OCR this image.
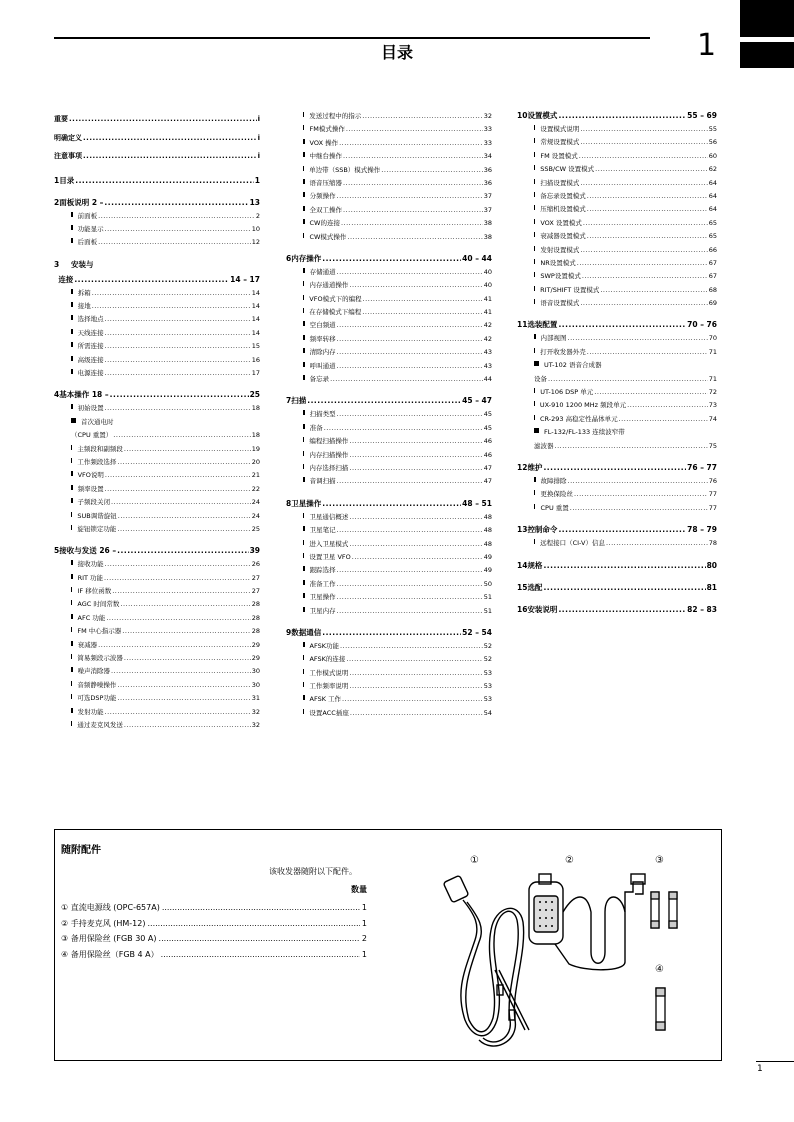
目录	1
重要 .....	i
明确定义 .....	i
注意事项 .....	i
1 目录 .....	1
2 面板说明 2 – .....	13
前面板 .....	2
功能显示 .....	10
后面板 .....	12
3	安装与
连接 .....	14 – 17
拆箱 .....	14
接地 .....	14
选择地点 .....	14
天线连接 .....	14
所需连接 .....	15
高级连接 .....	16
电源连接 .....	17
4 基本操作 18 – .....	25
初始设置 .....	18
首次通电时
（CPU 重置） .....	18
主频段和副频段 .....	19
工作频段选择 .....	20
VFO说明 .....	21
频率设置 .....	22
子频段关闭 .....	24
SUB调谐旋钮 .....	24
旋钮锁定功能 .....	25
5 接收与发送 26 – .....	39
接收功能 .....	26
RIT 功能 .....	27
IF 移位函数 .....	27
AGC 时间常数 .....	28
AFC 功能 .....	28
FM 中心指示器 .....	28
衰减器 .....	29
简易频段示波器 .....	29
噪声消除器 .....	30
音频静噪操作 .....	30
可选DSP功能 .....	31
发射功能 .....	32
通过麦克风发送 .....	32
发送过程中的指示 .....	32
FM模式操作 .....	33
VOX 操作 .....	33
中继台操作 .....	34
单边带（SSB）模式操作 .....	36
语音压缩器 .....	36
分频操作 .....	37
全双工操作 .....	37
CW的连接 .....	38
CW模式操作 .....	38
6 内存操作 .....	40 – 44
存储通道 .....	40
内存通道操作 .....	40
VFO模式下的编程 .....	41
在存储模式下编程 .....	41
空白频道 .....	42
频率转移 .....	42
清除内存 .....	43
呼叫通道 .....	43
备忘录 .....	44
7 扫描 .....	45 – 47
扫描类型 .....	45
准备 .....	45
编程扫描操作 .....	46
内存扫描操作 .....	46
内存选择扫描 .....	47
音调扫描 .....	47
8 卫星操作 .....	48 – 51
卫星通信概述 .....	48
卫星笔记 .....	48
进入卫星模式 .....	48
设置卫星 VFO .....	49
跟踪选择 .....	49
准备工作 .....	50
卫星操作 .....	51
卫星内存 .....	51
9 数据通信 .....	52 – 54
AFSK功能 .....	52
AFSK的连接 .....	52
工作模式说明 .....	53
工作频率说明 .....	53
AFSK 工作 .....	53
设置ACC插座 .....	54
10 设置模式 .....	55 – 69
设置模式说明 .....	55
常规设置模式 .....	56
FM 设置模式 .....	60
SSB/CW 设置模式 .....	62
扫描设置模式 .....	64
备忘录设置模式 .....	64
压缩机设置模式 .....	64
VOX 设置模式 .....	65
衰减器设置模式 .....	65
发射设置模式 .....	66
NR设置模式 .....	67
SWP设置模式 .....	67
RIT/SHIFT 设置模式 .....	68
语音设置模式 .....	69
11 选装配置 .....	70 – 76
内部视图 .....	70
打开收发器外壳 .....	71
UT-102 语音合成器
设备 .....	71
UT-106 DSP 单元 .....	72
UX-910 1200 MHz 频段单元 .....	73
CR-293 高稳定性晶体单元 .....	74
FL-132/FL-133 连续波窄带
滤波器 .....	75
12 维护 .....	76 – 77
故障排除 .....	76
更换保险丝 .....	77
CPU 重置 .....	77
13 控制命令 .....	78 – 79
远程接口（CI-V）信息 .....	78
14 规格 .....	80
15 选配 .....	81
16 安装说明 .....	82 – 83
随附配件
该收发器随附以下配件。
数量
① 直流电源线 (OPC-657A) .....	1
② 手持麦克风 (HM-12) .....	1
③ 备用保险丝 (FGB 30 A) .....	2
④ 备用保险丝（FGB 4 A） .....	1
①	②	③
④
1
